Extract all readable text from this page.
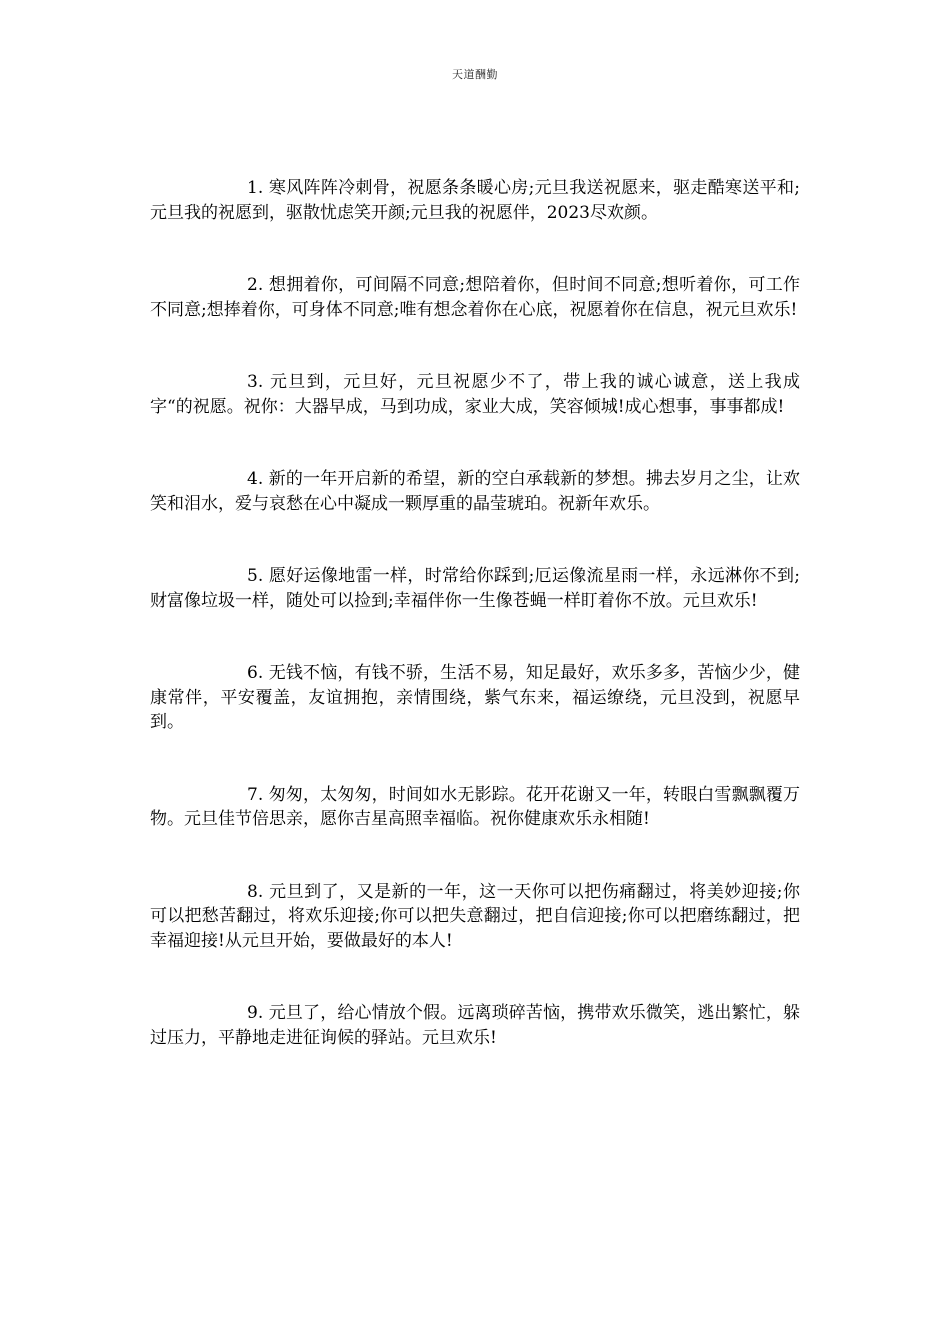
天道酬勤

1. 寒风阵阵冷刺骨，祝愿条条暖心房;元旦我送祝愿来，驱走酷寒送平和;元旦我的祝愿到，驱散忧虑笑开颜;元旦我的祝愿伴，2023尽欢颜。

2. 想拥着你，可间隔不同意;想陪着你，但时间不同意;想听着你，可工作不同意;想捧着你，可身体不同意;唯有想念着你在心底，祝愿着你在信息，祝元旦欢乐!

3. 元旦到，元旦好，元旦祝愿少不了，带上我的诚心诚意，送上我成字“的祝愿。祝你：大器早成，马到功成，家业大成，笑容倾城!成心想事，事事都成!

4. 新的一年开启新的希望，新的空白承载新的梦想。拂去岁月之尘，让欢笑和泪水，爱与哀愁在心中凝成一颗厚重的晶莹琥珀。祝新年欢乐。

5. 愿好运像地雷一样，时常给你踩到;厄运像流星雨一样，永远淋你不到;财富像垃圾一样，随处可以捡到;幸福伴你一生像苍蝇一样盯着你不放。元旦欢乐!

6. 无钱不恼，有钱不骄，生活不易，知足最好，欢乐多多，苦恼少少，健康常伴，平安覆盖，友谊拥抱，亲情围绕，紫气东来，福运缭绕，元旦没到，祝愿早到。

7. 匆匆，太匆匆，时间如水无影踪。花开花谢又一年，转眼白雪飘飘覆万物。元旦佳节倍思亲，愿你吉星高照幸福临。祝你健康欢乐永相随!

8. 元旦到了，又是新的一年，这一天你可以把伤痛翻过，将美妙迎接;你可以把愁苦翻过，将欢乐迎接;你可以把失意翻过，把自信迎接;你可以把磨练翻过，把幸福迎接!从元旦开始，要做最好的本人!

9. 元旦了，给心情放个假。远离琐碎苦恼，携带欢乐微笑，逃出繁忙，躲过压力，平静地走进征询候的驿站。元旦欢乐!
